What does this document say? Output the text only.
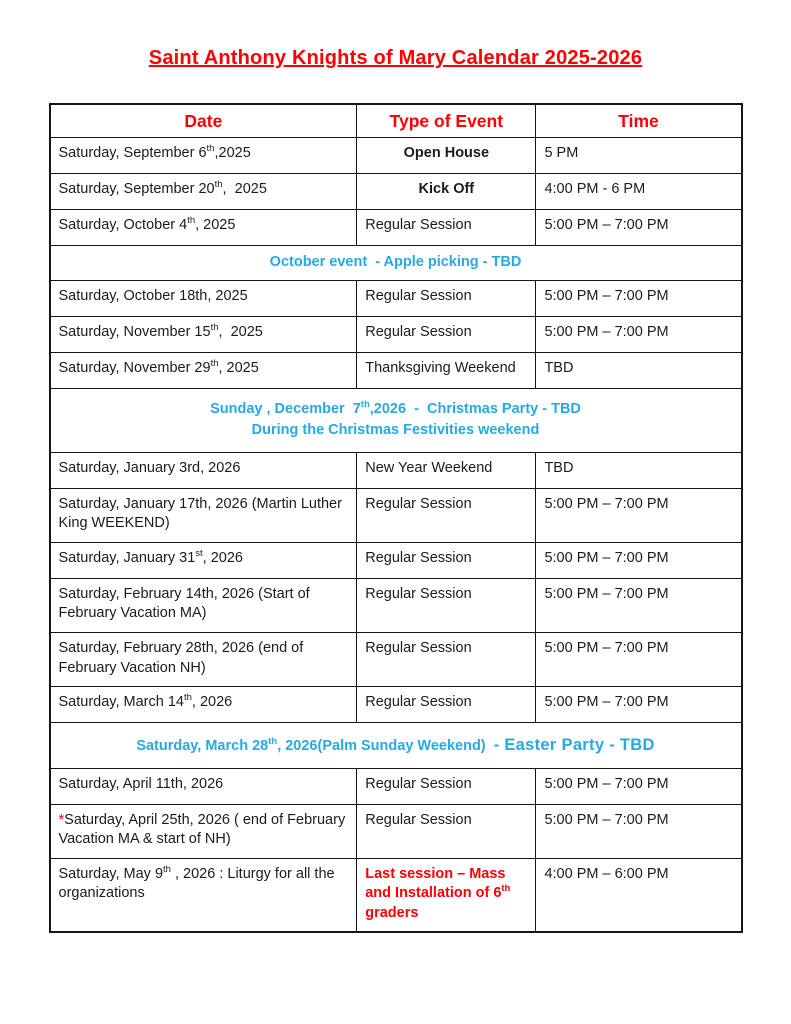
Saint Anthony Knights of Mary Calendar 2025-2026
Date	Type of Event	Time
Saturday, September 6th,2025	Open House	5 PM
Saturday, September 20th,  2025	Kick Off	4:00 PM - 6 PM
Saturday, October 4th, 2025	Regular Session	5:00 PM – 7:00 PM

October event  - Apple picking - TBD		

Saturday, October 18th, 2025	Regular Session	5:00 PM – 7:00 PM
Saturday, November 15th,  2025	Regular Session	5:00 PM – 7:00 PM
Saturday, November 29th, 2025	Thanksgiving Weekend	TBD

Sunday , December  7th,2026  -  Christmas Party - TBD
During the Christmas Festivities weekend		

Saturday, January 3rd, 2026	New Year Weekend	TBD
Saturday, January 17th, 2026 (Martin Luther King WEEKEND)	Regular Session	5:00 PM – 7:00 PM
Saturday, January 31st, 2026	Regular Session	5:00 PM – 7:00 PM
Saturday, February 14th, 2026 (Start of February Vacation MA)	Regular Session	5:00 PM – 7:00 PM
Saturday, February 28th, 2026 (end of February Vacation NH)	Regular Session	5:00 PM – 7:00 PM
Saturday, March 14th, 2026	Regular Session	5:00 PM – 7:00 PM

Saturday, March 28th, 2026(Palm Sunday Weekend)  - Easter Party - TBD		

Saturday, April 11th, 2026	Regular Session	5:00 PM – 7:00 PM
*Saturday, April 25th, 2026 ( end of February Vacation MA & start of NH)	Regular Session	5:00 PM – 7:00 PM
Saturday, May 9th , 2026 : Liturgy for all the organizations	Last session – Mass and Installation of 6th graders	4:00 PM – 6:00 PM
